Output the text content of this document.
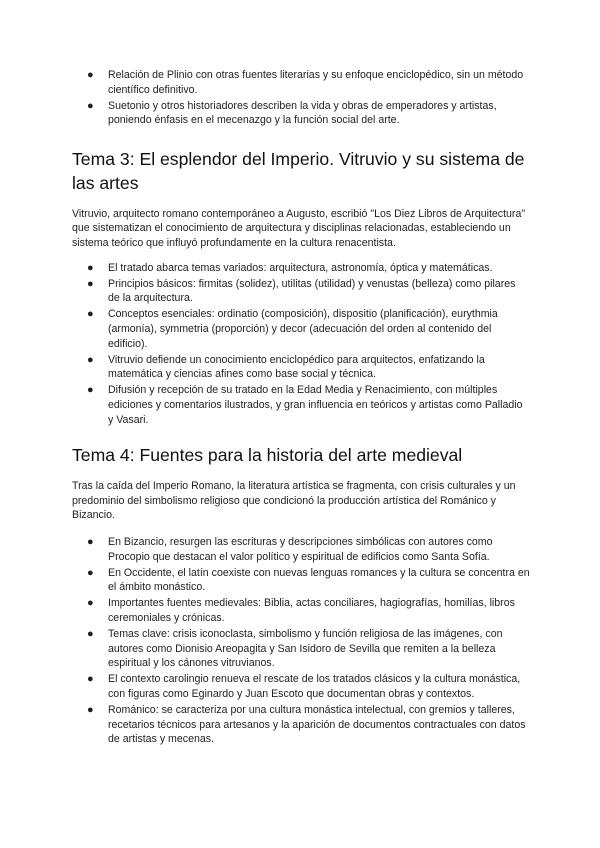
● Relación de Plinio con otras fuentes literarias y su enfoque enciclopédico, sin un método científico definitivo.
● Suetonio y otros historiadores describen la vida y obras de emperadores y artistas, poniendo énfasis en el mecenazgo y la función social del arte.
Tema 3: El esplendor del Imperio. Vitruvio y su sistema de las artes

Vitruvio, arquitecto romano contemporáneo a Augusto, escribió "Los Diez Libros de Arquitectura" que sistematizan el conocimiento de arquitectura y disciplinas relacionadas, estableciendo un sistema teórico que influyó profundamente en la cultura renacentista.

● El tratado abarca temas variados: arquitectura, astronomía, óptica y matemáticas.
● Principios básicos: firmitas (solidez), utilitas (utilidad) y venustas (belleza) como pilares de la arquitectura.
● Conceptos esenciales: ordinatio (composición), dispositio (planificación), eurythmia (armonía), symmetria (proporción) y decor (adecuación del orden al contenido del edificio).
● Vitruvio defiende un conocimiento enciclopédico para arquitectos, enfatizando la matemática y ciencias afines como base social y técnica.
● Difusión y recepción de su tratado en la Edad Media y Renacimiento, con múltiples ediciones y comentarios ilustrados, y gran influencia en teóricos y artistas como Palladio y Vasari.
Tema 4: Fuentes para la historia del arte medieval

Tras la caída del Imperio Romano, la literatura artística se fragmenta, con crisis culturales y un predominio del simbolismo religioso que condicionó la producción artística del Románico y Bizancio.

● En Bizancio, resurgen las escrituras y descripciones simbólicas con autores como Procopio que destacan el valor político y espiritual de edificios como Santa Sofía.
● En Occidente, el latín coexiste con nuevas lenguas romances y la cultura se concentra en el ámbito monástico.
● Importantes fuentes medievales: Biblia, actas conciliares, hagiografías, homilías, libros ceremoniales y crónicas.
● Temas clave: crisis iconoclasta, simbolismo y función religiosa de las imágenes, con autores como Dionisio Areopagita y San Isidoro de Sevilla que remiten a la belleza espiritual y los cánones vitruvianos.
● El contexto carolingio renueva el rescate de los tratados clásicos y la cultura monástica, con figuras como Eginardo y Juan Escoto que documentan obras y contextos.
● Románico: se caracteriza por una cultura monástica intelectual, con gremios y talleres, recetarios técnicos para artesanos y la aparición de documentos contractuales con datos de artistas y mecenas.
